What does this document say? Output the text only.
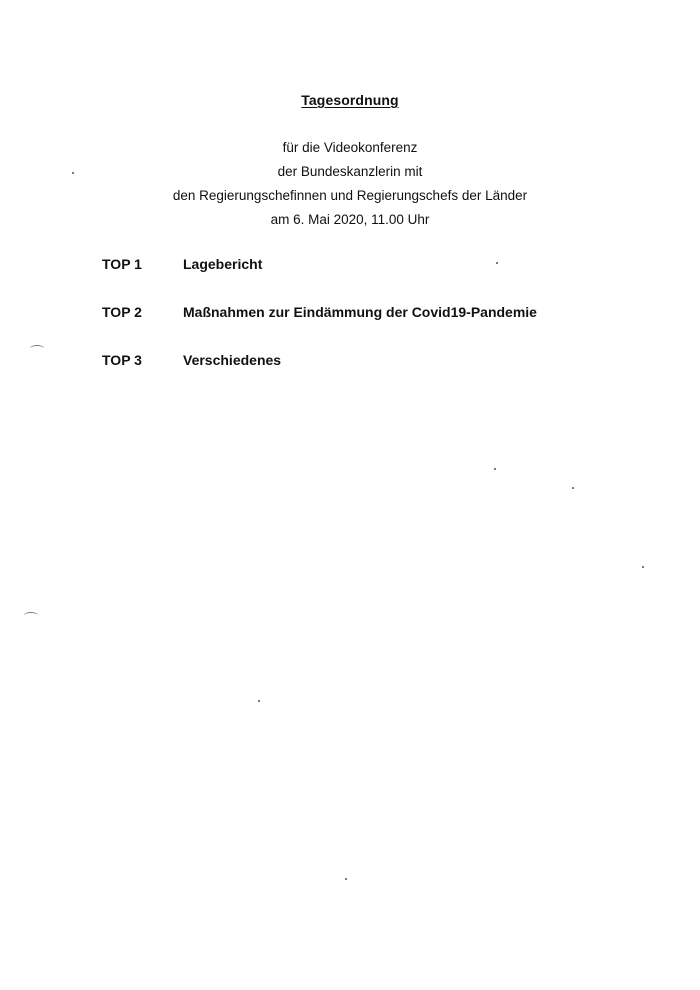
Tagesordnung
für die Videokonferenz
der Bundeskanzlerin mit
den Regierungschefinnen und Regierungschefs der Länder
am 6. Mai 2020, 11.00 Uhr
TOP 1	Lagebericht
TOP 2	Maßnahmen zur Eindämmung der Covid19-Pandemie
TOP 3	Verschiedenes
